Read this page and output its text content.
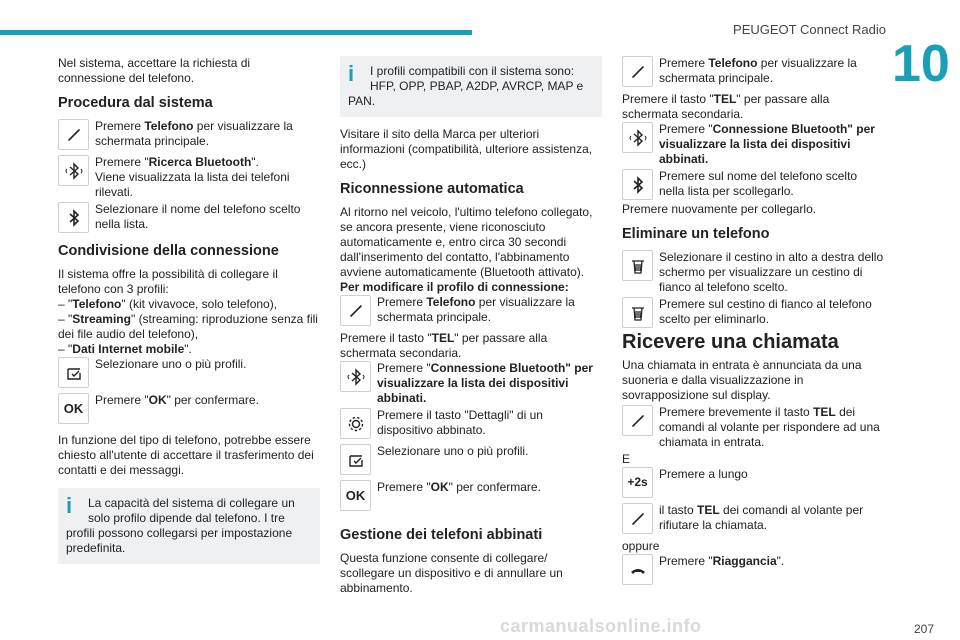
PEUGEOT Connect Radio
10

Nel sistema, accettare la richiesta di connessione del telefono.

Procedura dal sistema
Premere Telefono per visualizzare la schermata principale.
Premere "Ricerca Bluetooth".
Viene visualizzata la lista dei telefoni rilevati.
Selezionare il nome del telefono scelto nella lista.
Condivisione della connessione

Il sistema offre la possibilità di collegare il telefono con 3 profili:

– "Telefono" (kit vivavoce, solo telefono),
– "Streaming" (streaming: riproduzione senza fili dei file audio del telefono),
– "Dati Internet mobile".
Selezionare uno o più profili.
OK
Premere "OK" per confermare.

In funzione del tipo di telefono, potrebbe essere chiesto all'utente di accettare il trasferimento dei contatti e dei messaggi.

i	La capacità del sistema di collegare un solo profilo dipende dal telefono. I tre profili possono collegarsi per impostazione predefinita.
i	I profili compatibili con il sistema sono: HFP, OPP, PBAP, A2DP, AVRCP, MAP e PAN.

Visitare il sito della Marca per ulteriori informazioni (compatibilità, ulteriore assistenza, ecc.)

Riconnessione automatica

Al ritorno nel veicolo, l'ultimo telefono collegato, se ancora presente, viene riconosciuto automaticamente e, entro circa 30 secondi dall'inserimento del contatto, l'abbinamento avviene automaticamente (Bluetooth attivato).

Per modificare il profilo di connessione:
Premere Telefono per visualizzare la schermata principale.
Premere il tasto "TEL" per passare alla schermata secondaria.
Premere "Connessione Bluetooth" per visualizzare la lista dei dispositivi abbinati.
Premere il tasto "Dettagli" di un dispositivo abbinato.
Selezionare uno o più profili.
OK
Premere "OK" per confermare.
Gestione dei telefoni abbinati

Questa funzione consente di collegare/ scollegare un dispositivo e di annullare un abbinamento.

Premere Telefono per visualizzare la schermata principale.
Premere il tasto "TEL" per passare alla schermata secondaria.
Premere "Connessione Bluetooth" per visualizzare la lista dei dispositivi abbinati.
Premere sul nome del telefono scelto nella lista per scollegarlo.

Premere nuovamente per collegarlo.

Eliminare un telefono
Selezionare il cestino in alto a destra dello schermo per visualizzare un cestino di fianco al telefono scelto.
Premere sul cestino di fianco al telefono scelto per eliminarlo.
Ricevere una chiamata

Una chiamata in entrata è annunciata da una suoneria e dalla visualizzazione in sovrapposizione sul display.

Premere brevemente il tasto TEL dei comandi al volante per rispondere ad una chiamata in entrata.
E
+2s
Premere a lungo
il tasto TEL dei comandi al volante per rifiutare la chiamata.
oppure
Premere "Riaggancia".
207
carmanualsonline.info
